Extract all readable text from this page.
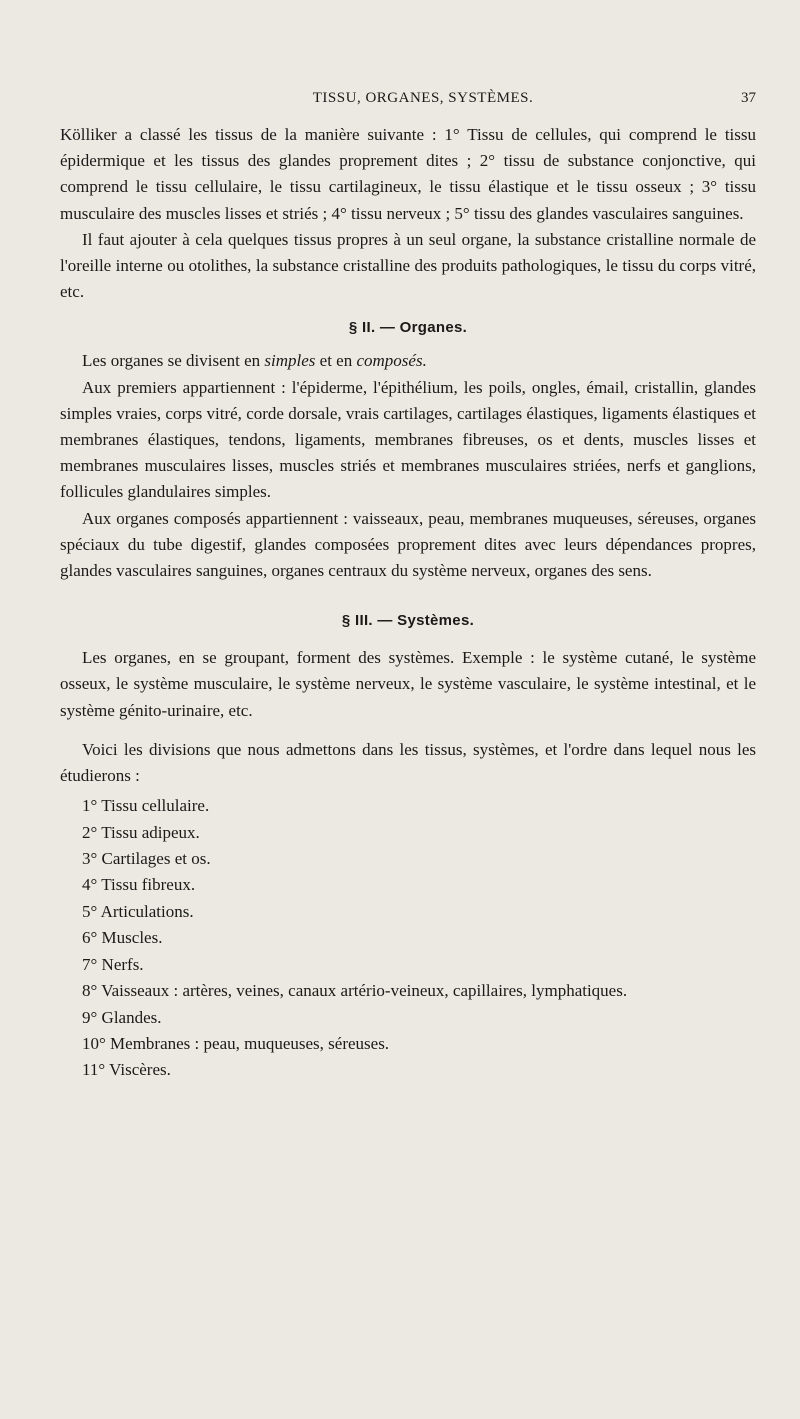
TISSU, ORGANES, SYSTÈMES.	37

Kölliker a classé les tissus de la manière suivante : 1° Tissu de cellules, qui comprend le tissu épidermique et les tissus des glandes proprement dites ; 2° tissu de substance conjonctive, qui comprend le tissu cellulaire, le tissu cartilagineux, le tissu élastique et le tissu osseux ; 3° tissu musculaire des muscles lisses et striés ; 4° tissu nerveux ; 5° tissu des glandes vasculaires sanguines.

Il faut ajouter à cela quelques tissus propres à un seul organe, la substance cristalline normale de l'oreille interne ou otolithes, la substance cristalline des produits pathologiques, le tissu du corps vitré, etc.

§ II. — Organes.

Les organes se divisent en simples et en composés.

Aux premiers appartiennent : l'épiderme, l'épithélium, les poils, ongles, émail, cristallin, glandes simples vraies, corps vitré, corde dorsale, vrais cartilages, cartilages élastiques, ligaments élastiques et membranes élastiques, tendons, ligaments, membranes fibreuses, os et dents, muscles lisses et membranes musculaires lisses, muscles striés et membranes musculaires striées, nerfs et ganglions, follicules glandulaires simples.

Aux organes composés appartiennent : vaisseaux, peau, membranes muqueuses, séreuses, organes spéciaux du tube digestif, glandes composées proprement dites avec leurs dépendances propres, glandes vasculaires sanguines, organes centraux du système nerveux, organes des sens.

§ III. — Systèmes.

Les organes, en se groupant, forment des systèmes. Exemple : le système cutané, le système osseux, le système musculaire, le système nerveux, le système vasculaire, le système intestinal, et le système génito-urinaire, etc.

Voici les divisions que nous admettons dans les tissus, systèmes, et l'ordre dans lequel nous les étudierons :

1° Tissu cellulaire.
2° Tissu adipeux.
3° Cartilages et os.
4° Tissu fibreux.
5° Articulations.
6° Muscles.
7° Nerfs.
8° Vaisseaux : artères, veines, canaux artério-veineux, capillaires, lymphatiques.
9° Glandes.
10° Membranes : peau, muqueuses, séreuses.
11° Viscères.
